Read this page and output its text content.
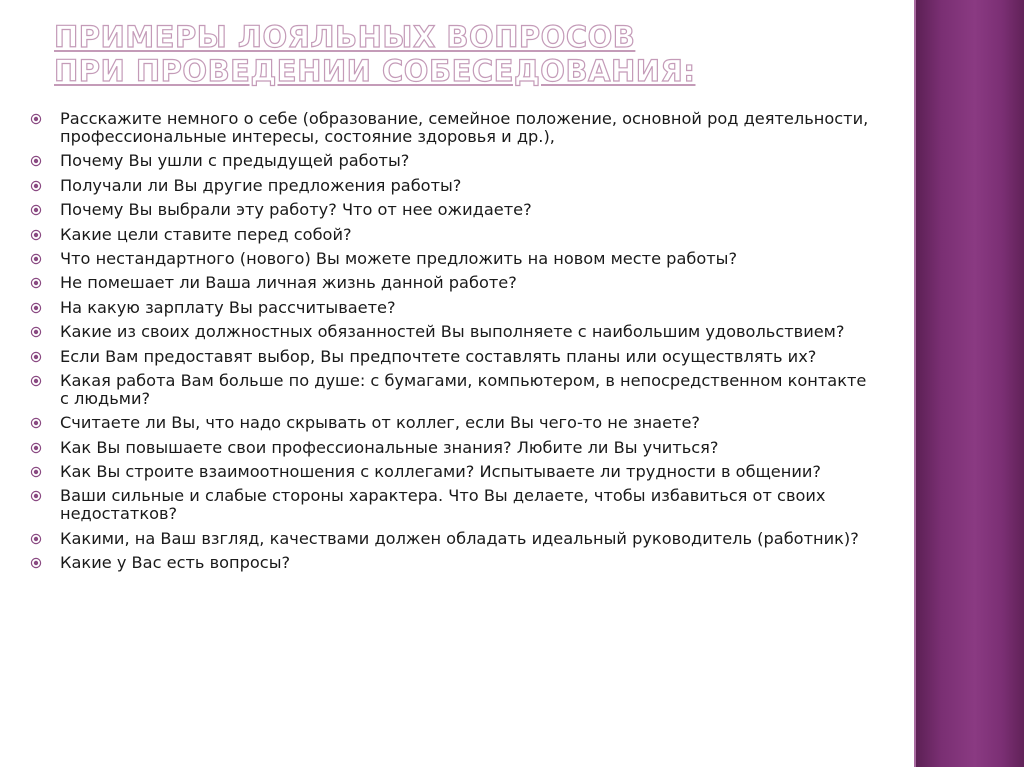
ПРИМЕРЫ ЛОЯЛЬНЫХ ВОПРОСОВ
ПРИ ПРОВЕДЕНИИ СОБЕСЕДОВАНИЯ:
Расскажите немного о себе (образование, семейное положение, основной род деятельности, профессиональные интересы, состояние здоровья и др.),
Почему Вы ушли с предыдущей работы?
Получали ли Вы другие предложения работы?
Почему Вы выбрали эту работу? Что от нее ожидаете?
Какие цели ставите перед собой?
Что нестандартного (нового) Вы можете предложить на новом месте работы?
Не помешает ли Ваша личная жизнь данной работе?
На какую зарплату Вы рассчитываете?
Какие из своих должностных обязанностей Вы выполняете с наибольшим удовольствием?
Если Вам предоставят выбор, Вы предпочтете составлять планы или осуществлять их?
Какая работа Вам больше по душе: с бумагами, компьютером, в непосредственном контакте с людьми?
Считаете ли Вы, что надо скрывать от коллег, если Вы чего-то не знаете?
Как Вы повышаете свои профессиональные знания? Любите ли Вы учиться?
Как Вы строите взаимоотношения с коллегами? Испытываете ли трудности в общении?
Ваши сильные и слабые стороны характера. Что Вы делаете, чтобы избавиться от своих недостатков?
Какими, на Ваш взгляд, качествами должен обладать идеальный руководитель (работник)?
Какие у Вас есть вопросы?
